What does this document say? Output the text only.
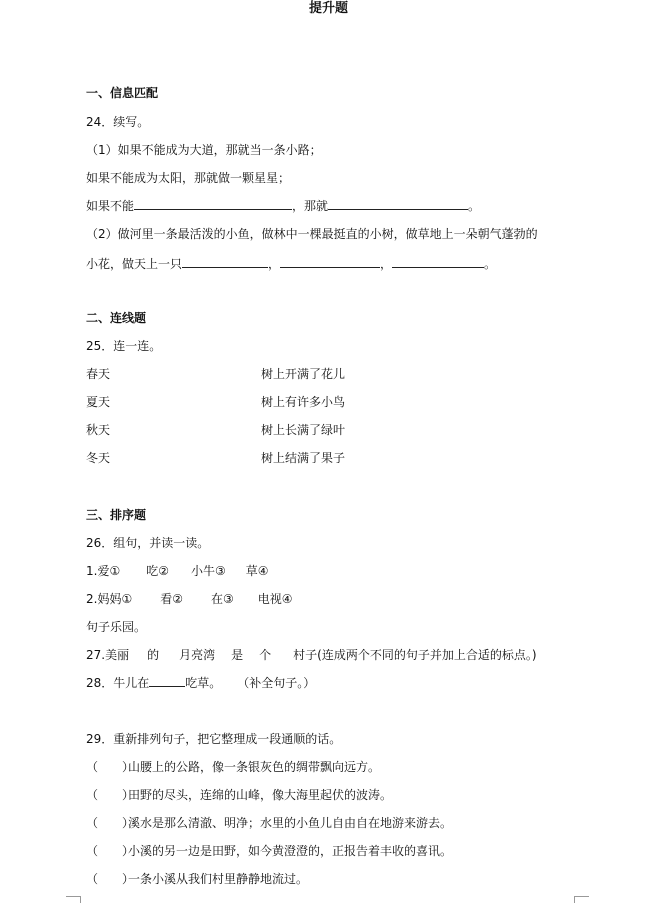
提升题
一、信息匹配
24．续写。
（1）如果不能成为大道，那就当一条小路；
如果不能成为太阳，那就做一颗星星；
如果不能	，那就	。
（2）做河里一条最活泼的小鱼，做林中一棵最挺直的小树，做草地上一朵朝气蓬勃的
小花，做天上一只	，	，	。
二、连线题
25．连一连。
春天	树上开满了花儿
夏天	树上有许多小鸟
秋天	树上长满了绿叶
冬天	树上结满了果子
三、排序题
26．组句，并读一读。
1.爱① 吃② 小牛③ 草④
2.妈妈① 看② 在③ 电视④
句子乐园。
27.美丽 的 月亮湾 是 个 村子(连成两个不同的句子并加上合适的标点。)
28．牛儿在	吃草。 （补全句子。）
29．重新排列句子，把它整理成一段通顺的话。
（　　）山腰上的公路，像一条银灰色的绸带飘向远方。
（　　）田野的尽头，连绵的山峰，像大海里起伏的波涛。
（　　）溪水是那么清澈、明净；水里的小鱼儿自由自在地游来游去。
（　　）小溪的另一边是田野，如今黄澄澄的，正报告着丰收的喜讯。
（　　）一条小溪从我们村里静静地流过。
